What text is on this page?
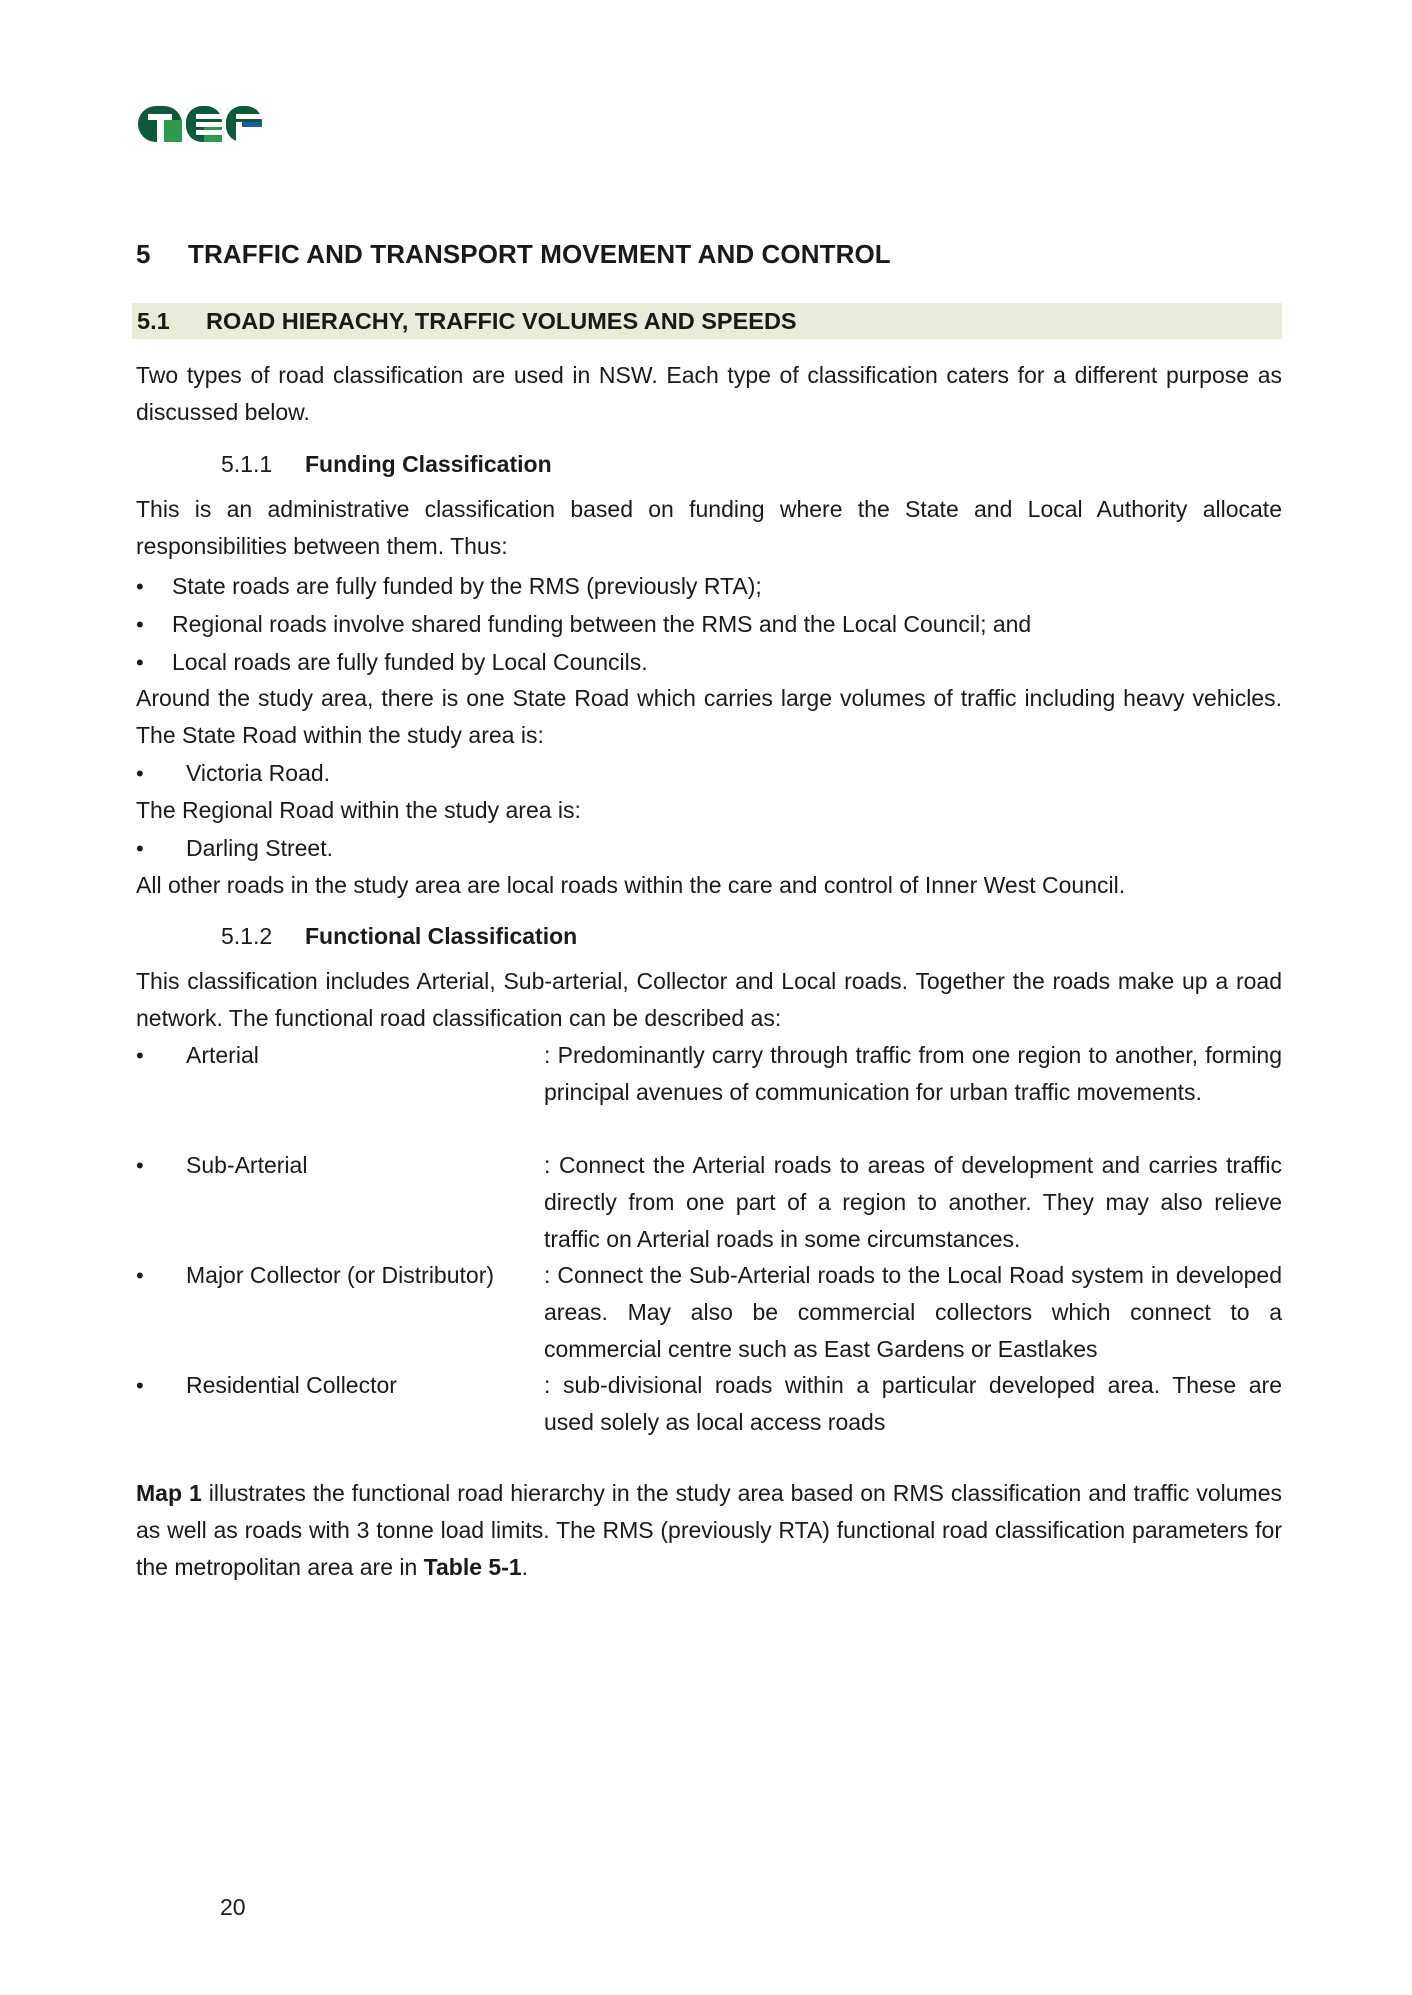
5 TRAFFIC AND TRANSPORT MOVEMENT AND CONTROL
5.1 ROAD HIERACHY, TRAFFIC VOLUMES AND SPEEDS
Two types of road classification are used in NSW. Each type of classification caters for a different purpose as discussed below.
5.1.1 Funding Classification
This is an administrative classification based on funding where the State and Local Authority allocate responsibilities between them. Thus:
• State roads are fully funded by the RMS (previously RTA);
• Regional roads involve shared funding between the RMS and the Local Council; and
• Local roads are fully funded by Local Councils.
Around the study area, there is one State Road which carries large volumes of traffic including heavy vehicles. The State Road within the study area is:
• Victoria Road.
The Regional Road within the study area is:
• Darling Street.
All other roads in the study area are local roads within the care and control of Inner West Council.
5.1.2 Functional Classification
This classification includes Arterial, Sub-arterial, Collector and Local roads. Together the roads make up a road network. The functional road classification can be described as:
•	Arterial	: Predominantly carry through traffic from one region to another, forming principal avenues of communication for urban traffic movements.
•	Sub-Arterial	: Connect the Arterial roads to areas of development and carries traffic directly from one part of a region to another. They may also relieve traffic on Arterial roads in some circumstances.
•	Major Collector (or Distributor) : Connect the Sub-Arterial roads to the Local Road system in developed areas. May also be commercial collectors which connect to a commercial centre such as East Gardens or Eastlakes
•	Residential Collector	: sub-divisional roads within a particular developed area. These are used solely as local access roads
Map 1 illustrates the functional road hierarchy in the study area based on RMS classification and traffic volumes as well as roads with 3 tonne load limits. The RMS (previously RTA) functional road classification parameters for the metropolitan area are in Table 5-1.
20
